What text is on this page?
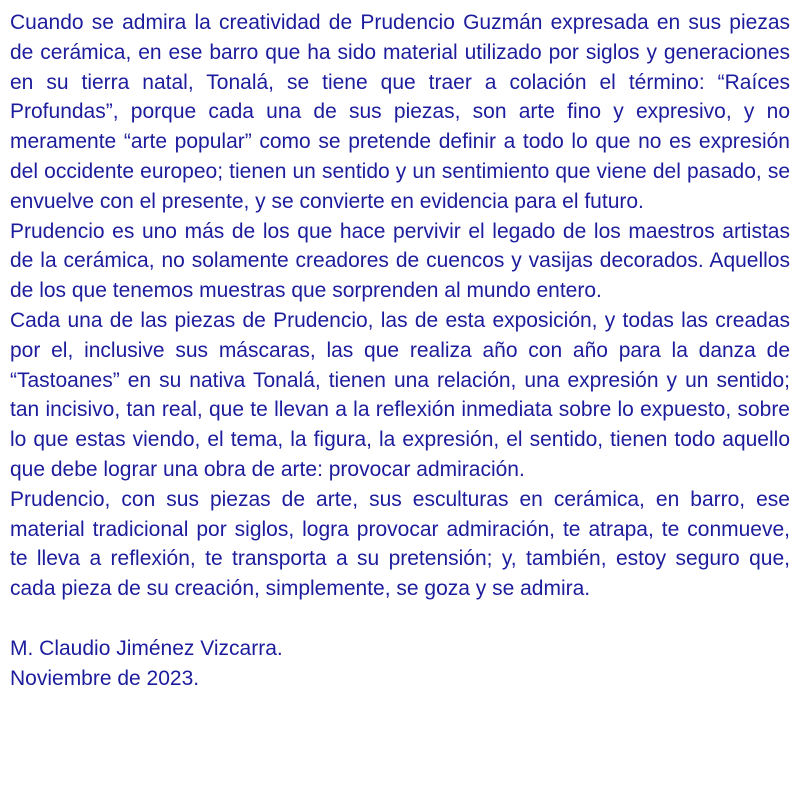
Cuando se admira la creatividad de Prudencio Guzmán expresada en sus piezas de cerámica, en ese barro que ha sido material utilizado por siglos y generaciones en su tierra natal, Tonalá, se tiene que traer a colación el término: “Raíces Profundas”, porque cada una de sus piezas, son arte fino y expresivo, y no meramente “arte popular” como se pretende definir a todo lo que no es expresión del occidente europeo; tienen un sentido y un sentimiento que viene del pasado, se envuelve con el presente, y se convierte en evidencia para el futuro.

Prudencio es uno más de los que hace pervivir el legado de los maestros artistas de la cerámica, no solamente creadores de cuencos y vasijas decorados. Aquellos de los que tenemos muestras que sorprenden al mundo entero.

Cada una de las piezas de Prudencio, las de esta exposición, y todas las creadas por el, inclusive sus máscaras, las que realiza año con año para la danza de “Tastoanes” en su nativa Tonalá, tienen una relación, una expresión y un sentido; tan incisivo, tan real, que te llevan a la reflexión inmediata sobre lo expuesto, sobre lo que estas viendo, el tema, la figura, la expresión, el sentido, tienen todo aquello que debe lograr una obra de arte: provocar admiración.

Prudencio, con sus piezas de arte, sus esculturas en cerámica, en barro, ese material tradicional por siglos, logra provocar admiración, te atrapa, te conmueve, te lleva a reflexión, te transporta a su pretensión; y, también, estoy seguro que, cada pieza de su creación, simplemente, se goza y se admira.

M. Claudio Jiménez Vizcarra.

Noviembre de 2023.
